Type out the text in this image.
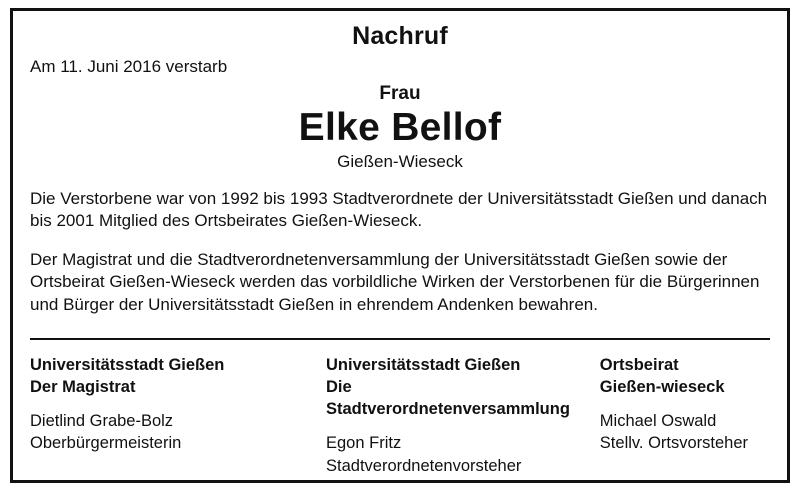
Nachruf
Am 11. Juni 2016 verstarb
Frau
Elke Bellof
Gießen-Wieseck

Die Verstorbene war von 1992 bis 1993 Stadtverordnete der Universitätsstadt Gießen und danach bis 2001 Mitglied des Ortsbeirates Gießen-Wieseck.

Der Magistrat und die Stadtverordnetenversammlung der Universitätsstadt Gießen sowie der Ortsbeirat Gießen-Wieseck werden das vorbildliche Wirken der Verstorbenen für die Bürgerinnen und Bürger der Universitätsstadt Gießen in ehrendem Andenken bewahren.

Universitätsstadt Gießen
Der Magistrat
Dietlind Grabe-Bolz
Oberbürgermeisterin
Universitätsstadt Gießen
Die Stadtverordnetenversammlung
Egon Fritz
Stadtverordnetenvorsteher
Ortsbeirat
Gießen-wieseck
Michael Oswald
Stellv. Ortsvorsteher
